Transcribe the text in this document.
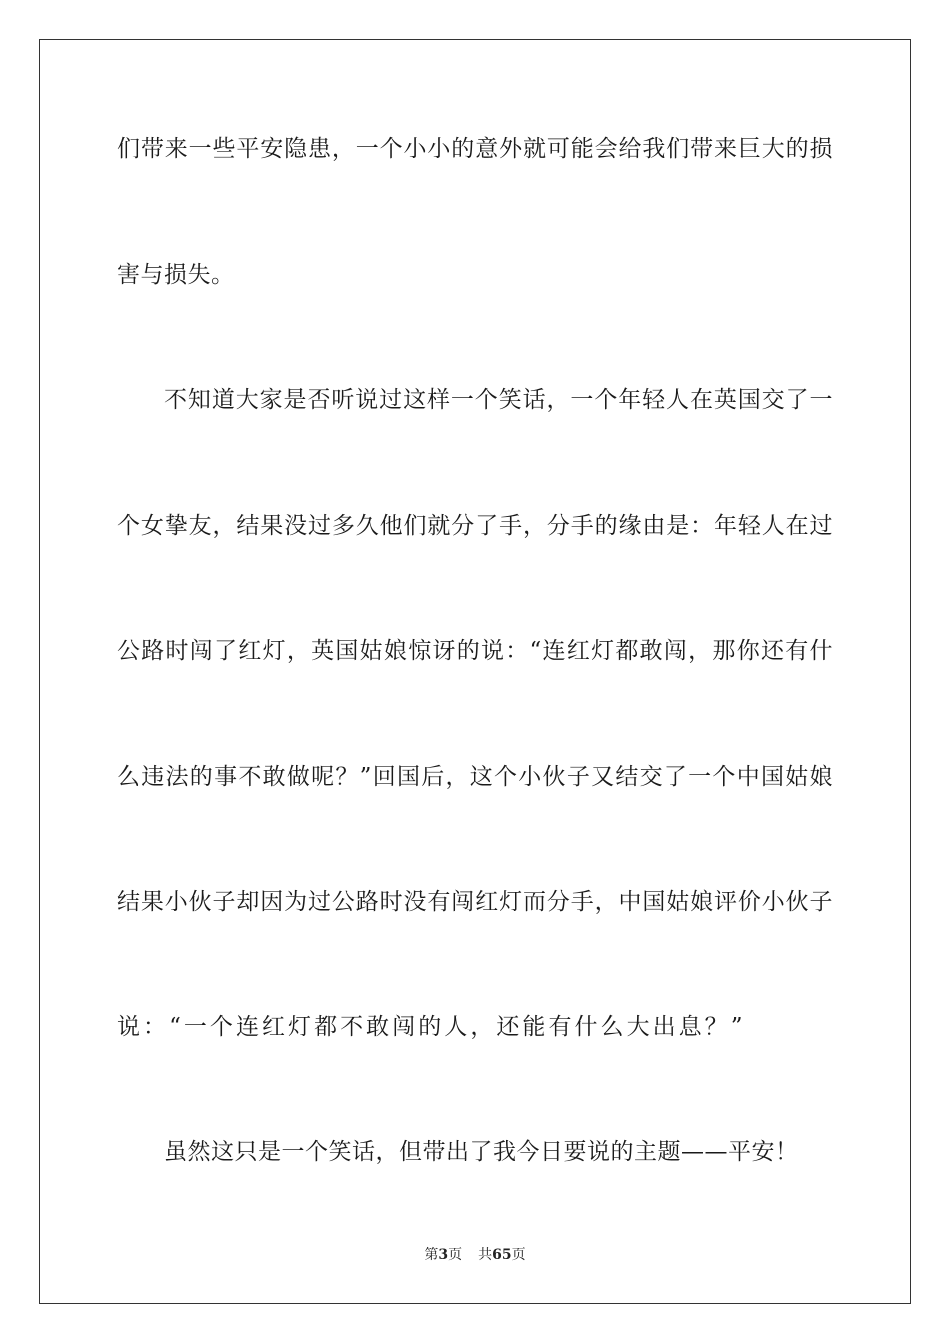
们带来一些平安隐患，一个小小的意外就可能会给我们带来巨大的损
害与损失。
不知道大家是否听说过这样一个笑话，一个年轻人在英国交了一
个女挚友，结果没过多久他们就分了手，分手的缘由是：年轻人在过
公路时闯了红灯，英国姑娘惊讶的说：“连红灯都敢闯，那你还有什
么违法的事不敢做呢？”回国后，这个小伙子又结交了一个中国姑娘
结果小伙子却因为过公路时没有闯红灯而分手，中国姑娘评价小伙子
说：“一个连红灯都不敢闯的人，还能有什么大出息？”
虽然这只是一个笑话，但带出了我今日要说的主题——平安！
第3页 共65页
